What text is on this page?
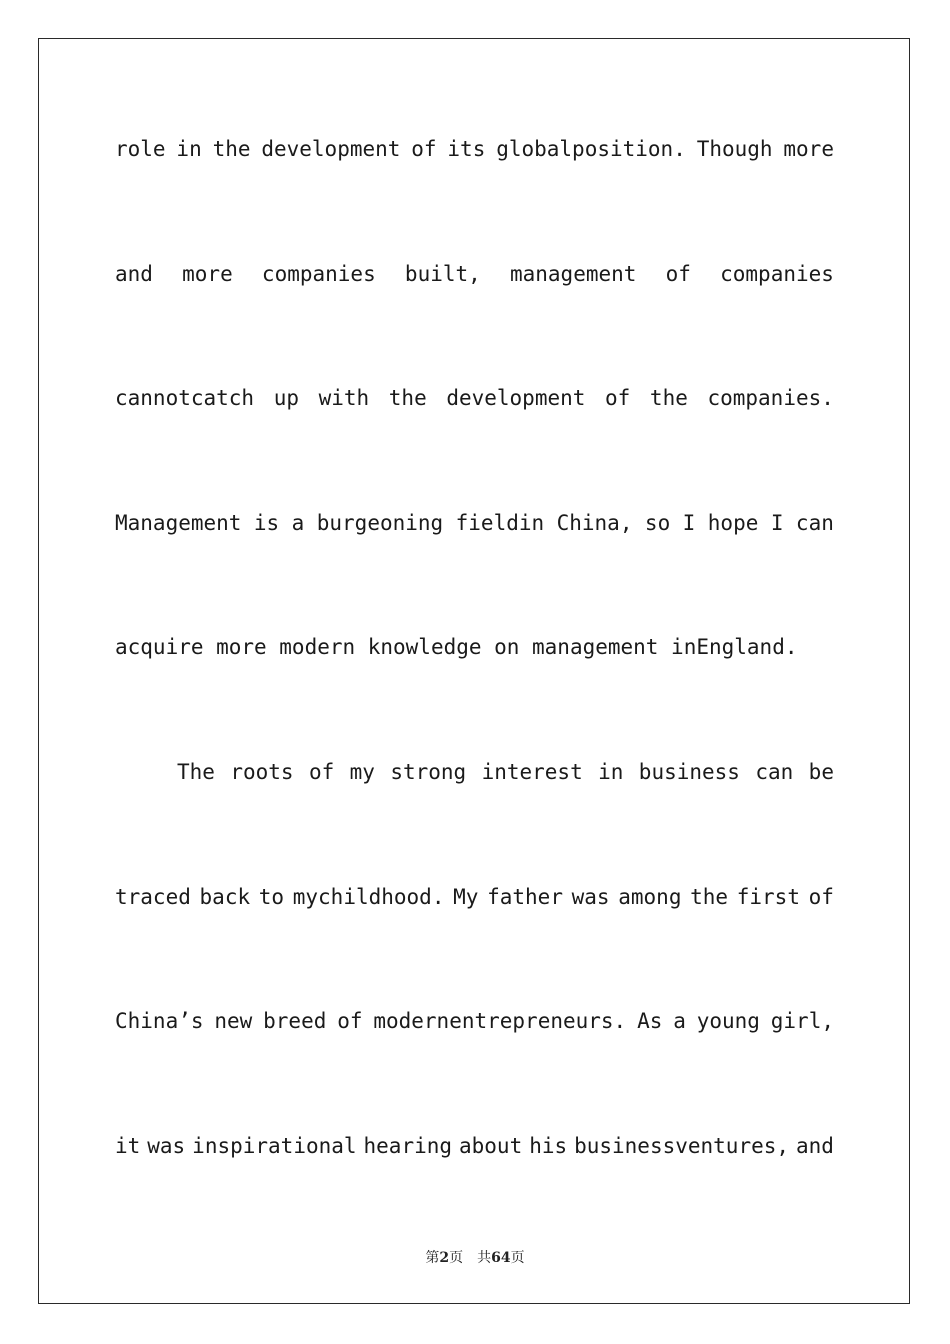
role in the development of its globalposition. Though more
and more companies built, management of companies
cannotcatch up with the development of the companies.
Management is a burgeoning fieldin China, so I hope I can
acquire more modern knowledge on management inEngland.
The roots of my strong interest in business can be
traced back to mychildhood. My father was among the first of
China’s new breed of modernentrepreneurs. As a young girl,
it was inspirational hearing about his businessventures, and
第2页 共64页
